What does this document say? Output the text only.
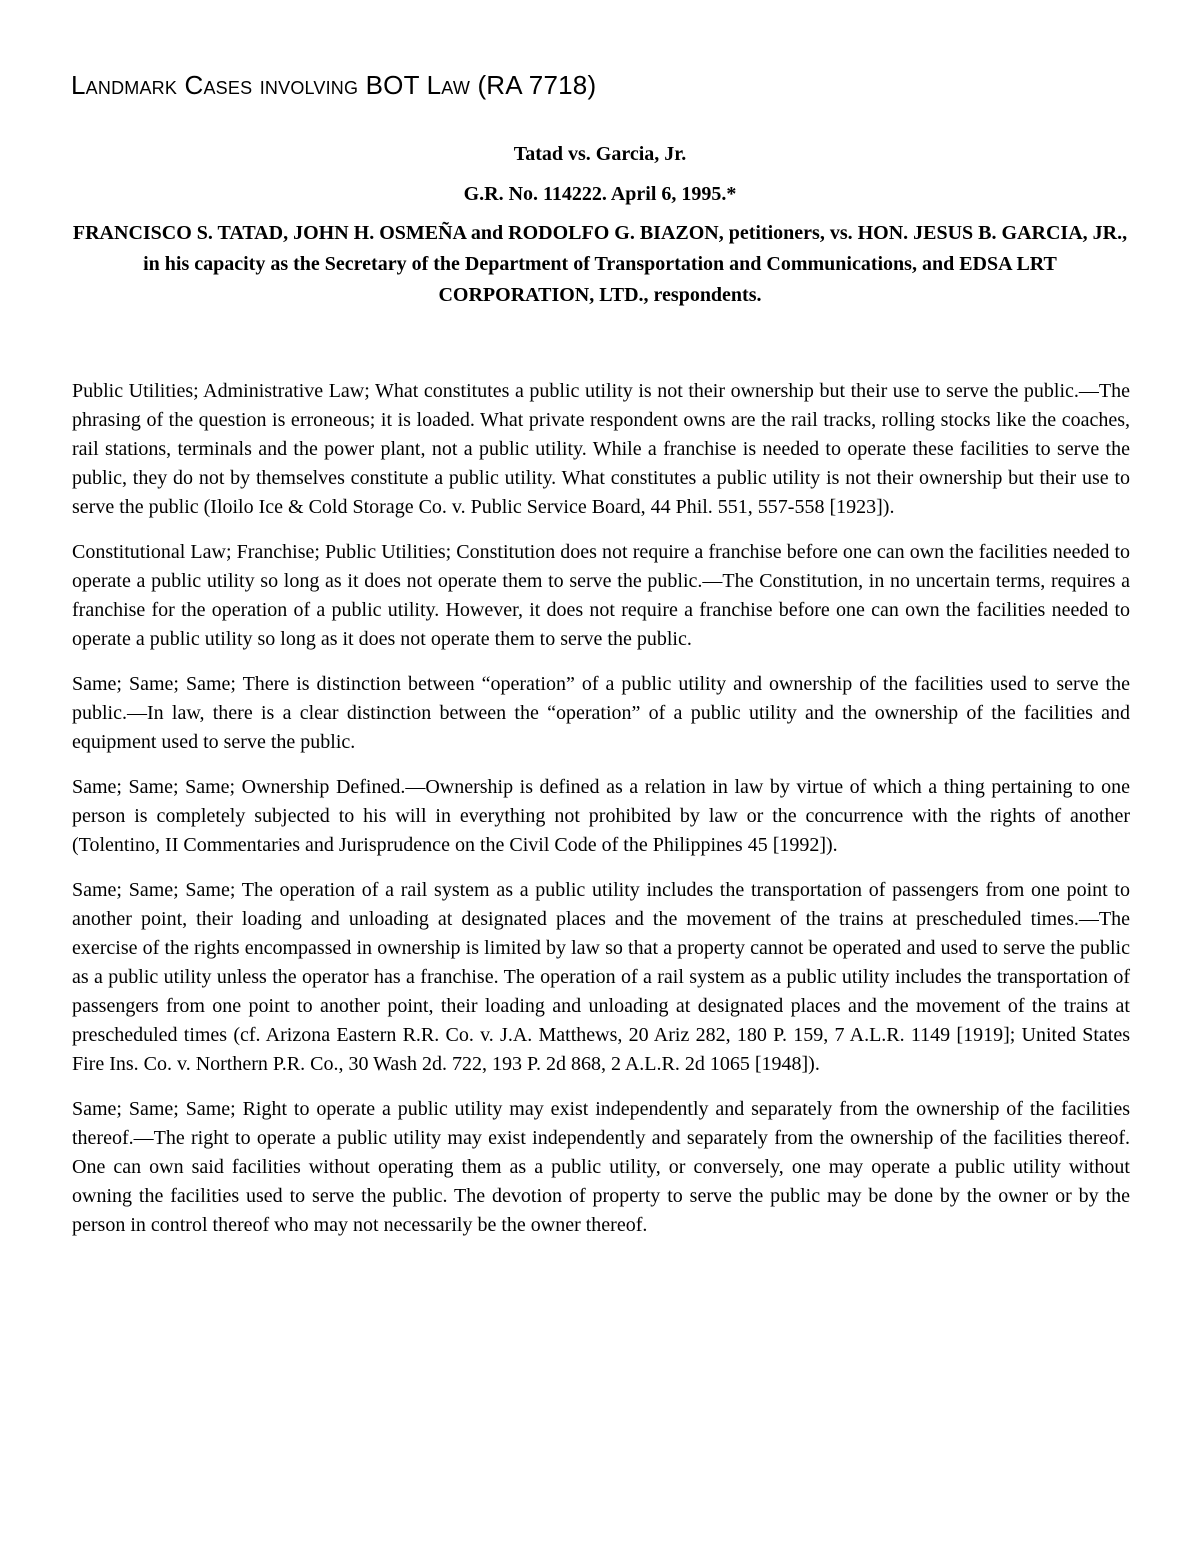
Landmark Cases involving BOT Law (RA 7718)

Tatad vs. Garcia, Jr.

G.R. No. 114222. April 6, 1995.*

FRANCISCO S. TATAD, JOHN H. OSMEÑA and RODOLFO G. BIAZON, petitioners, vs. HON. JESUS B. GARCIA, JR., in his capacity as the Secretary of the Department of Transportation and Communications, and EDSA LRT CORPORATION, LTD., respondents.

Public Utilities; Administrative Law; What constitutes a public utility is not their ownership but their use to serve the public.—The phrasing of the question is erroneous; it is loaded. What private respondent owns are the rail tracks, rolling stocks like the coaches, rail stations, terminals and the power plant, not a public utility. While a franchise is needed to operate these facilities to serve the public, they do not by themselves constitute a public utility. What constitutes a public utility is not their ownership but their use to serve the public (Iloilo Ice & Cold Storage Co. v. Public Service Board, 44 Phil. 551, 557-558 [1923]).

Constitutional Law; Franchise; Public Utilities; Constitution does not require a franchise before one can own the facilities needed to operate a public utility so long as it does not operate them to serve the public.—The Constitution, in no uncertain terms, requires a franchise for the operation of a public utility. However, it does not require a franchise before one can own the facilities needed to operate a public utility so long as it does not operate them to serve the public.

Same; Same; Same; There is distinction between “operation” of a public utility and ownership of the facilities used to serve the public.—In law, there is a clear distinction between the “operation” of a public utility and the ownership of the facilities and equipment used to serve the public.

Same; Same; Same; Ownership Defined.—Ownership is defined as a relation in law by virtue of which a thing pertaining to one person is completely subjected to his will in everything not prohibited by law or the concurrence with the rights of another (Tolentino, II Commentaries and Jurisprudence on the Civil Code of the Philippines 45 [1992]).

Same; Same; Same; The operation of a rail system as a public utility includes the transportation of passengers from one point to another point, their loading and unloading at designated places and the movement of the trains at prescheduled times.—The exercise of the rights encompassed in ownership is limited by law so that a property cannot be operated and used to serve the public as a public utility unless the operator has a franchise. The operation of a rail system as a public utility includes the transportation of passengers from one point to another point, their loading and unloading at designated places and the movement of the trains at prescheduled times (cf. Arizona Eastern R.R. Co. v. J.A. Matthews, 20 Ariz 282, 180 P. 159, 7 A.L.R. 1149 [1919]; United States Fire Ins. Co. v. Northern P.R. Co., 30 Wash 2d. 722, 193 P. 2d 868, 2 A.L.R. 2d 1065 [1948]).

Same; Same; Same; Right to operate a public utility may exist independently and separately from the ownership of the facilities thereof.—The right to operate a public utility may exist independently and separately from the ownership of the facilities thereof. One can own said facilities without operating them as a public utility, or conversely, one may operate a public utility without owning the facilities used to serve the public. The devotion of property to serve the public may be done by the owner or by the person in control thereof who may not necessarily be the owner thereof.
